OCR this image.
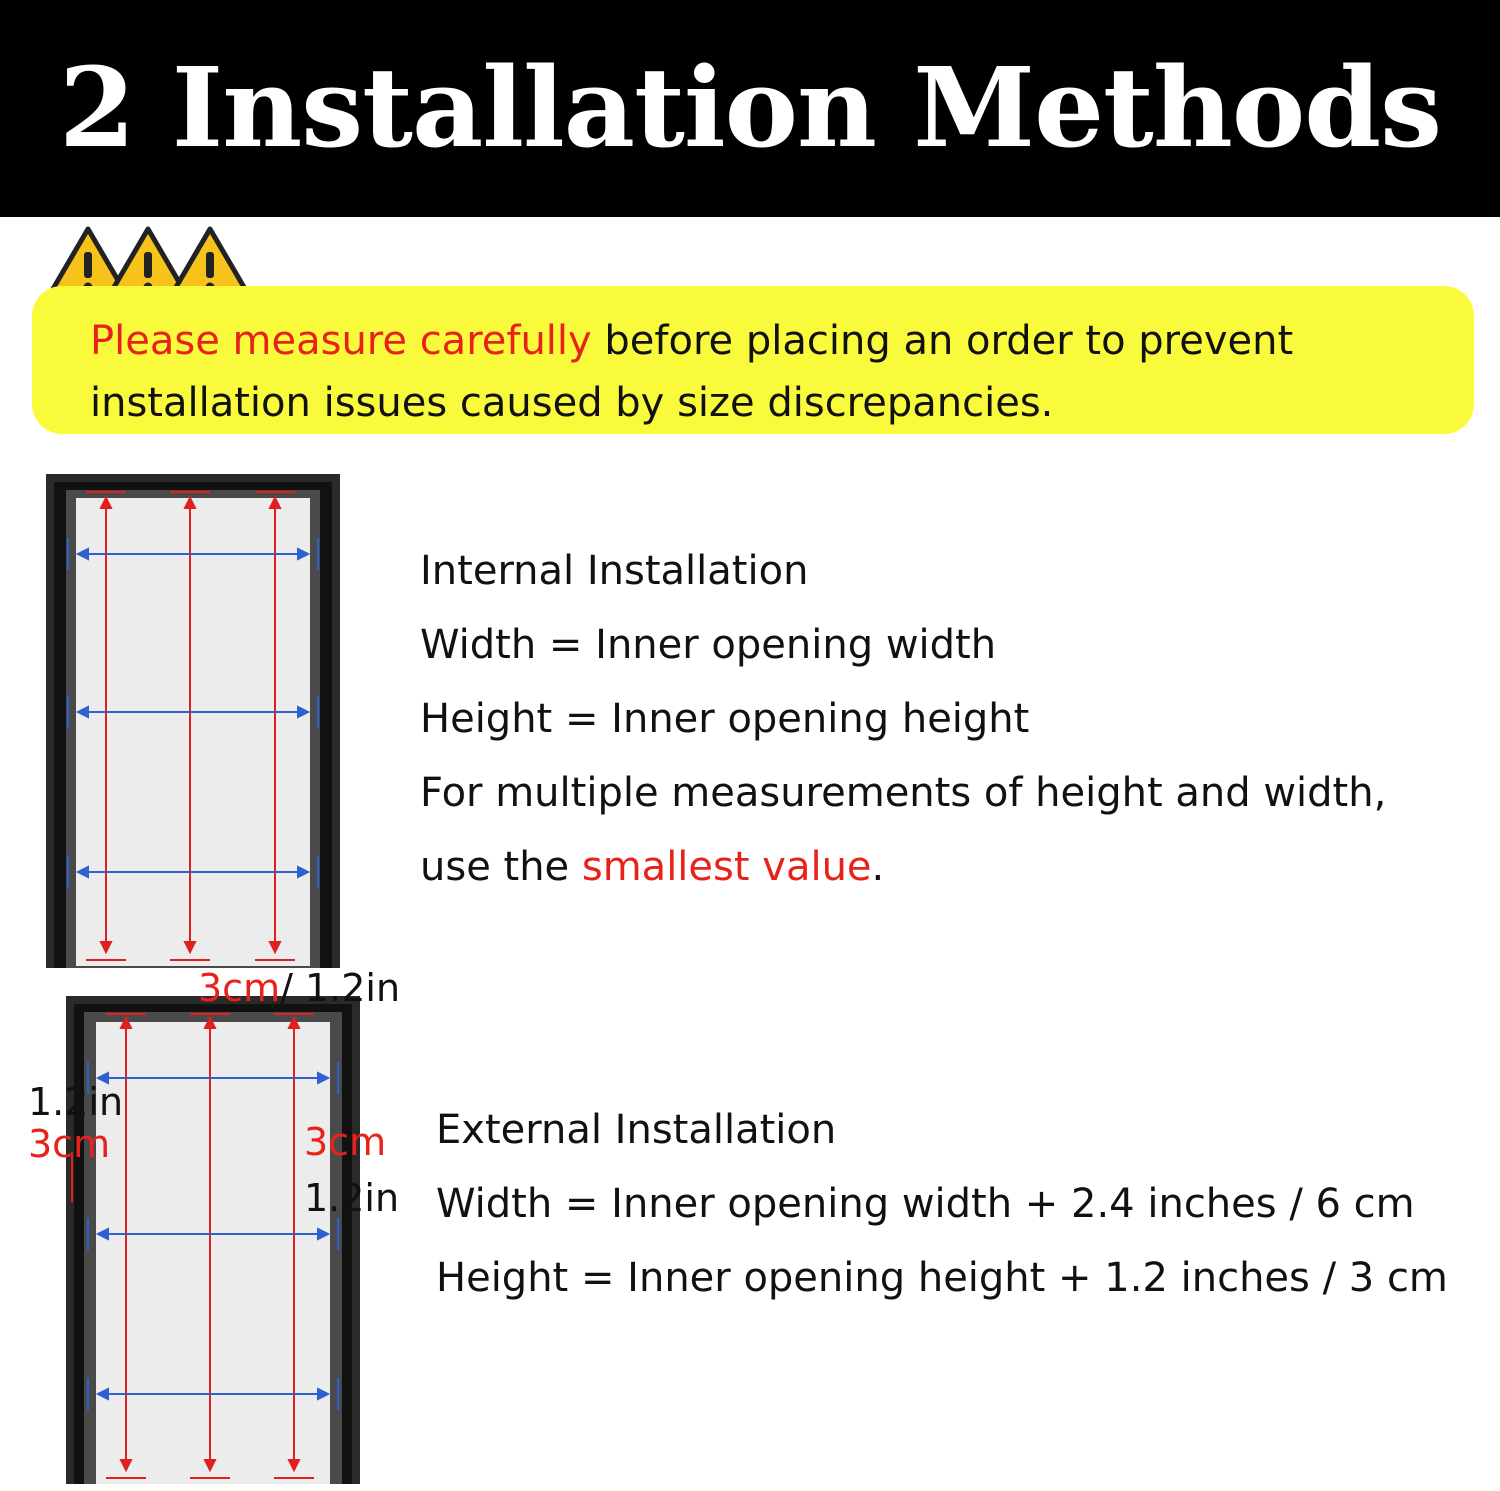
2 Installation Methods
Please measure carefully before placing an order to prevent installation issues caused by size discrepancies.
Internal Installation
Width = Inner opening width
Height = Inner opening height
For multiple measurements of height and width,
use the smallest value.
3cm/ 1.2in
1.2in
3cm	3cm
1.2in
External Installation
Width = Inner opening width + 2.4 inches / 6 cm
Height = Inner opening height + 1.2 inches / 3 cm
